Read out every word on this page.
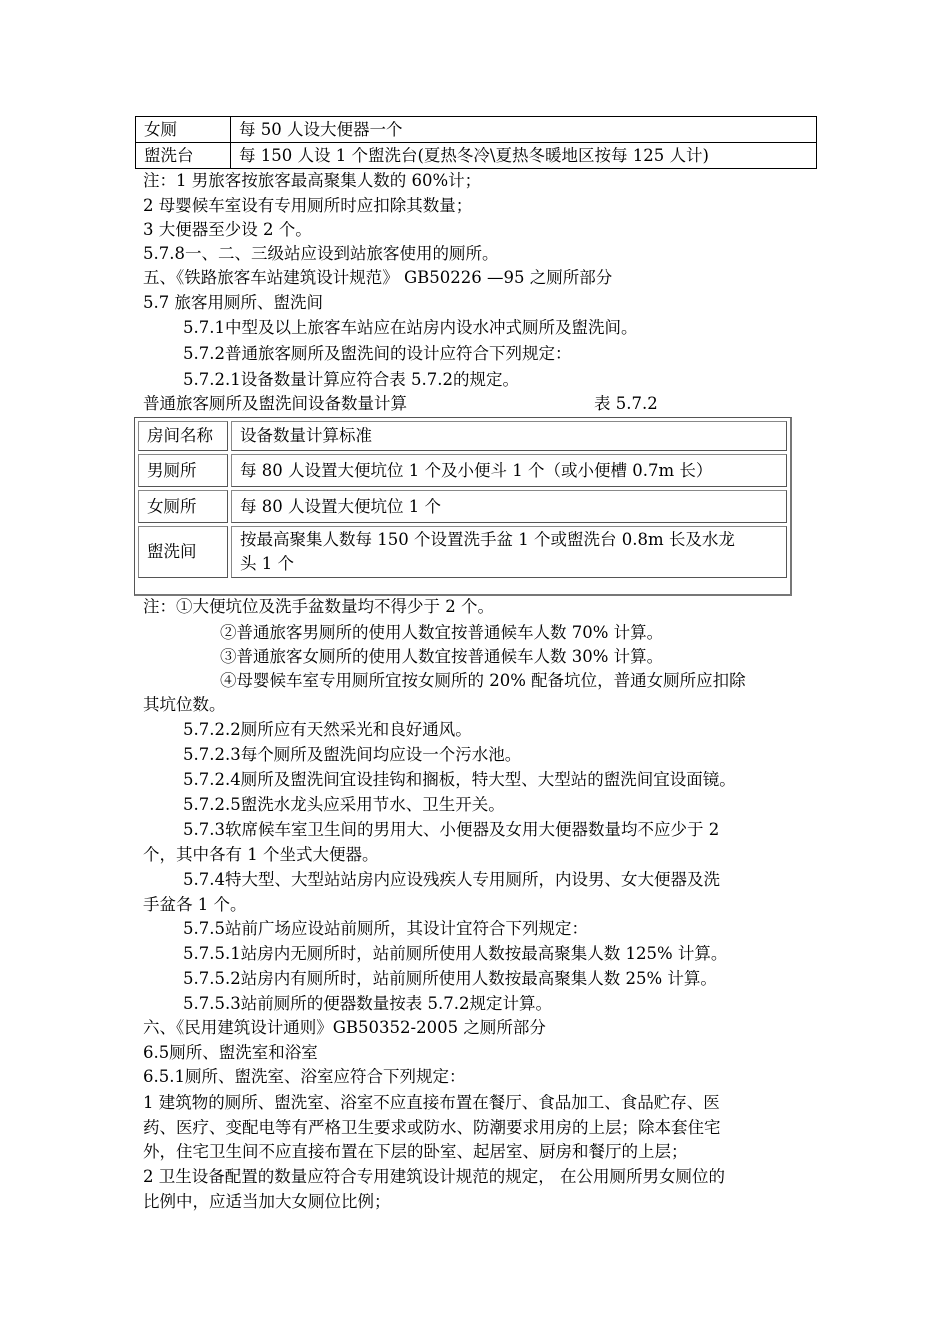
女厕	每 50 人设大便器一个
盥洗台	每 150 人设 1 个盥洗台(夏热冬冷\夏热冬暖地区按每 125 人计)
注：1 男旅客按旅客最高聚集人数的 60%计；
2 母婴候车室设有专用厕所时应扣除其数量；
3 大便器至少设 2 个。
5.7.8一、二、三级站应设到站旅客使用的厕所。
五、《铁路旅客车站建筑设计规范》 GB50226 —95 之厕所部分
5.7 旅客用厕所、盥洗间
5.7.1中型及以上旅客车站应在站房内设水冲式厕所及盥洗间。
5.7.2普通旅客厕所及盥洗间的设计应符合下列规定：
5.7.2.1设备数量计算应符合表 5.7.2的规定。
普通旅客厕所及盥洗间设备数量计算	表 5.7.2
房间名称	设备数量计算标准
男厕所	每 80 人设置大便坑位 1 个及小便斗 1 个（或小便槽 0.7m 长）
女厕所	每 80 人设置大便坑位 1 个
盥洗间	按最高聚集人数每 150 个设置洗手盆 1 个或盥洗台 0.8m 长及水龙
头 1 个
注：①大便坑位及洗手盆数量均不得少于 2 个。
②普通旅客男厕所的使用人数宜按普通候车人数 70% 计算。
③普通旅客女厕所的使用人数宜按普通候车人数 30% 计算。
④母婴候车室专用厕所宜按女厕所的 20% 配备坑位，普通女厕所应扣除
其坑位数。
5.7.2.2厕所应有天然采光和良好通风。
5.7.2.3每个厕所及盥洗间均应设一个污水池。
5.7.2.4厕所及盥洗间宜设挂钩和搁板，特大型、大型站的盥洗间宜设面镜。
5.7.2.5盥洗水龙头应采用节水、卫生开关。
5.7.3软席候车室卫生间的男用大、小便器及女用大便器数量均不应少于 2
个，其中各有 1 个坐式大便器。
5.7.4特大型、大型站站房内应设残疾人专用厕所，内设男、女大便器及洗
手盆各 1 个。
5.7.5站前广场应设站前厕所，其设计宜符合下列规定：
5.7.5.1站房内无厕所时，站前厕所使用人数按最高聚集人数 125% 计算。
5.7.5.2站房内有厕所时，站前厕所使用人数按最高聚集人数 25% 计算。
5.7.5.3站前厕所的便器数量按表 5.7.2规定计算。
六、《民用建筑设计通则》GB50352-2005 之厕所部分
6.5厕所、盥洗室和浴室
6.5.1厕所、盥洗室、浴室应符合下列规定：
1 建筑物的厕所、盥洗室、浴室不应直接布置在餐厅、食品加工、食品贮存、医
药、医疗、变配电等有严格卫生要求或防水、防潮要求用房的上层；除本套住宅
外，住宅卫生间不应直接布置在下层的卧室、起居室、厨房和餐厅的上层；
2 卫生设备配置的数量应符合专用建筑设计规范的规定， 在公用厕所男女厕位的
比例中，应适当加大女厕位比例；
